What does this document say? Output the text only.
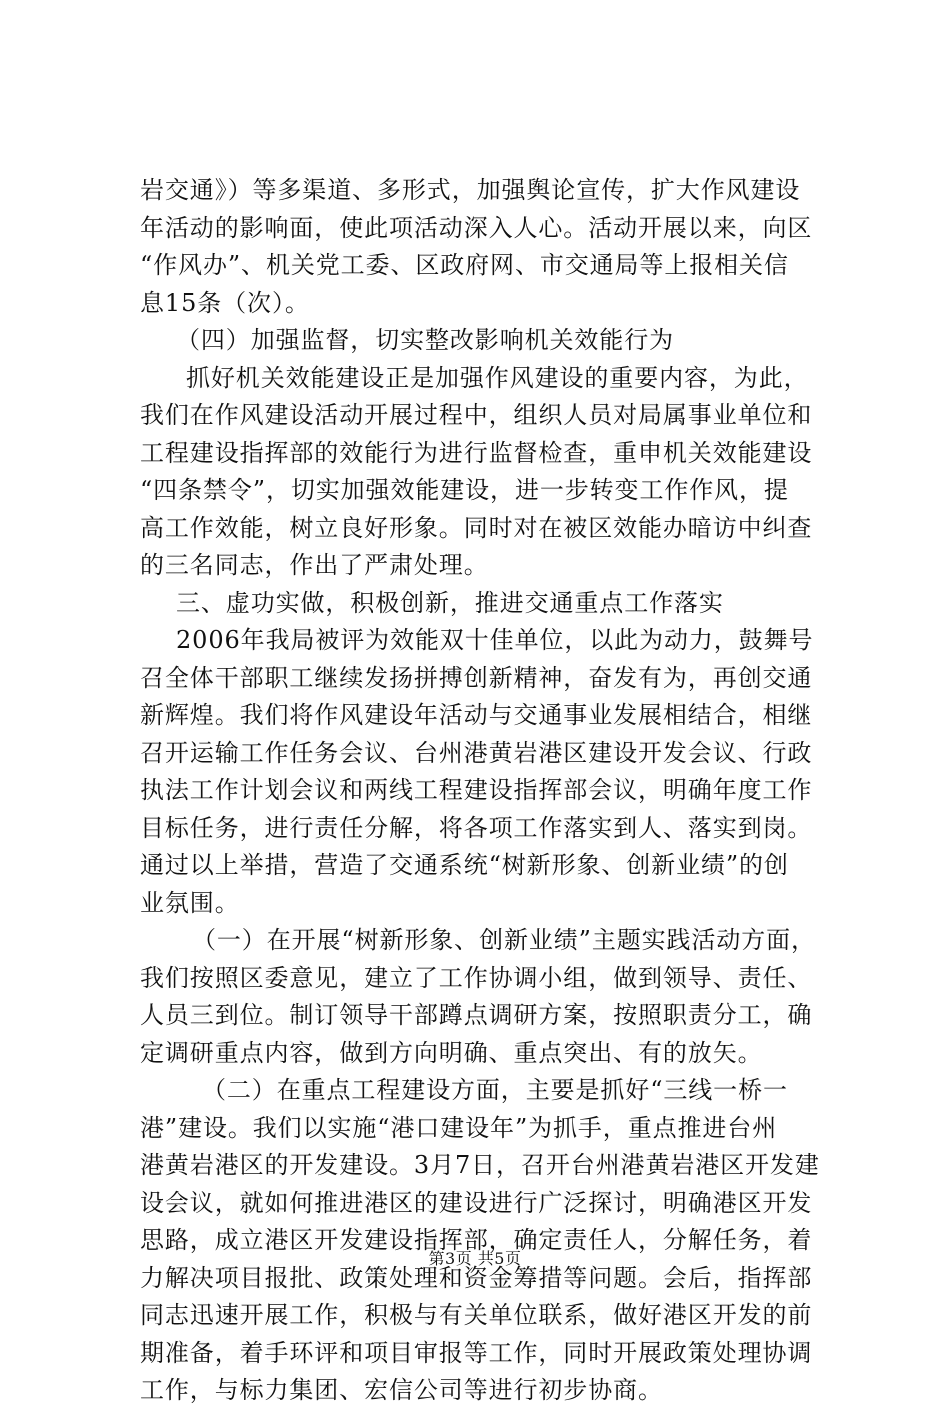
岩交通》）等多渠道、多形式，加强舆论宣传，扩大作风建设
年活动的影响面，使此项活动深入人心。活动开展以来，向区
“作风办”、机关党工委、区政府网、市交通局等上报相关信
息15条（次）。
（四）加强监督，切实整改影响机关效能行为
抓好机关效能建设正是加强作风建设的重要内容，为此，
我们在作风建设活动开展过程中，组织人员对局属事业单位和
工程建设指挥部的效能行为进行监督检查，重申机关效能建设
“四条禁令”，切实加强效能建设，进一步转变工作作风，提
高工作效能，树立良好形象。同时对在被区效能办暗访中纠查
的三名同志，作出了严肃处理。
三、虚功实做，积极创新，推进交通重点工作落实
2006年我局被评为效能双十佳单位，以此为动力，鼓舞号
召全体干部职工继续发扬拼搏创新精神，奋发有为，再创交通
新辉煌。我们将作风建设年活动与交通事业发展相结合，相继
召开运输工作任务会议、台州港黄岩港区建设开发会议、行政
执法工作计划会议和两线工程建设指挥部会议，明确年度工作
目标任务，进行责任分解，将各项工作落实到人、落实到岗。
通过以上举措，营造了交通系统“树新形象、创新业绩”的创
业氛围。
（一）在开展“树新形象、创新业绩”主题实践活动方面，
我们按照区委意见，建立了工作协调小组，做到领导、责任、
人员三到位。制订领导干部蹲点调研方案，按照职责分工，确
定调研重点内容，做到方向明确、重点突出、有的放矢。
（二）在重点工程建设方面，主要是抓好“三线一桥一
港”建设。我们以实施“港口建设年”为抓手，重点推进台州
港黄岩港区的开发建设。3月7日，召开台州港黄岩港区开发建
设会议，就如何推进港区的建设进行广泛探讨，明确港区开发
思路，成立港区开发建设指挥部，确定责任人，分解任务，着
力解决项目报批、政策处理和资金筹措等问题。会后，指挥部
同志迅速开展工作，积极与有关单位联系，做好港区开发的前
期准备，着手环评和项目审报等工作，同时开展政策处理协调
工作，与标力集团、宏信公司等进行初步协商。
第3页 共5页
